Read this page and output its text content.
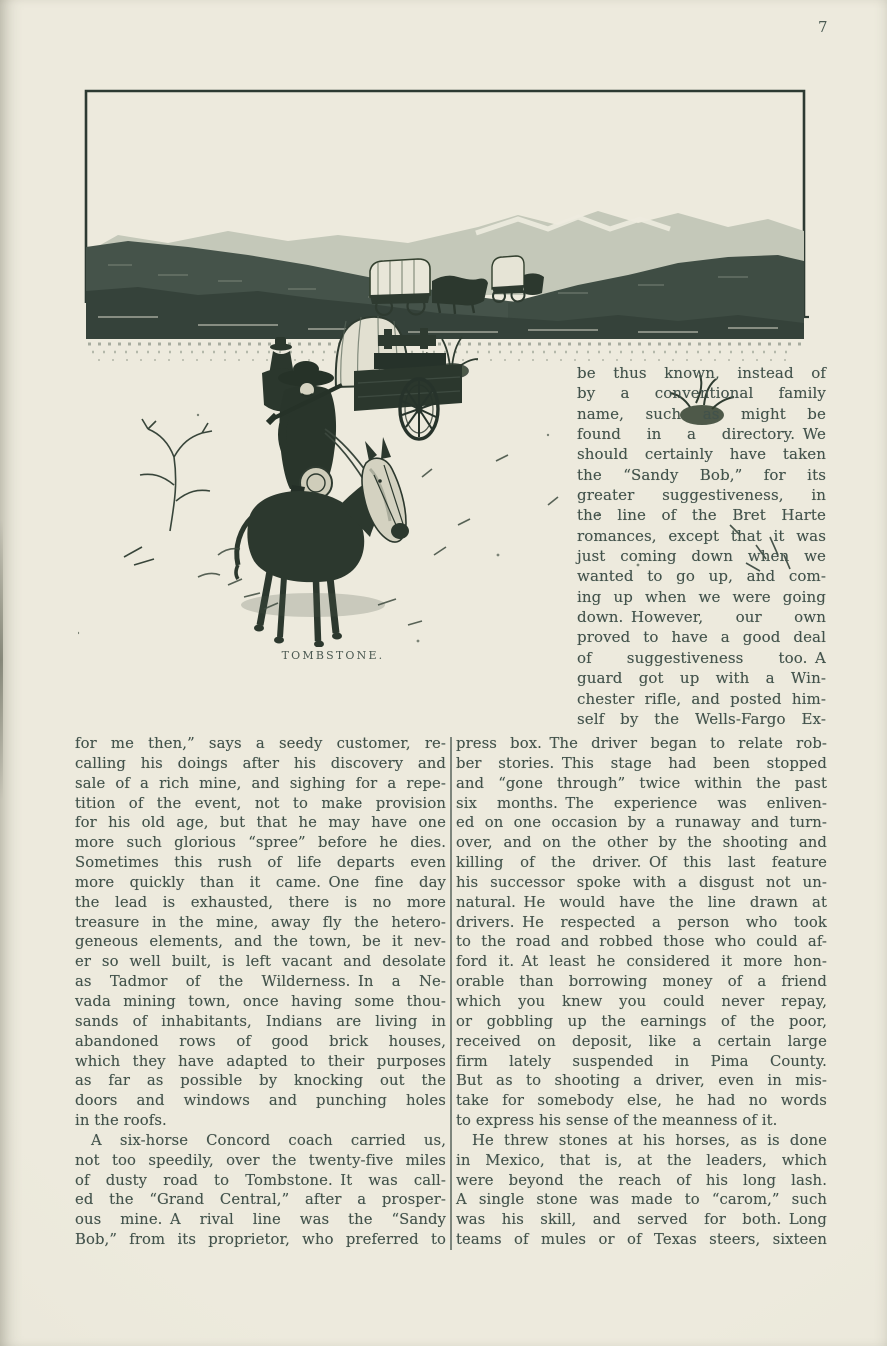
7
TOMBSTONE.
be thus known, instead of
by a conventional family
name, such as might be
found in a directory. We
should certainly have taken
the “Sandy Bob,” for its
greater suggestiveness, in
the line of the Bret Harte
romances, except that it was
just coming down when we
wanted to go up, and com-
ing up when we were going
down. However, our own
proved to have a good deal
of suggestiveness too. A
guard got up with a Win-
chester rifle, and posted him-
self by the Wells-Fargo Ex-
for me then,” says a seedy customer, re-
calling his doings after his discovery and
sale of a rich mine, and sighing for a repe-
tition of the event, not to make provision
for his old age, but that he may have one
more such glorious “spree” before he dies.
Sometimes this rush of life departs even
more quickly than it came. One fine day
the lead is exhausted, there is no more
treasure in the mine, away fly the hetero-
geneous elements, and the town, be it nev-
er so well built, is left vacant and desolate
as Tadmor of the Wilderness. In a Ne-
vada mining town, once having some thou-
sands of inhabitants, Indians are living in
abandoned rows of good brick houses,
which they have adapted to their purposes
as far as possible by knocking out the
doors and windows and punching holes
in the roofs.
A six-horse Concord coach carried us,
not too speedily, over the twenty-five miles
of dusty road to Tombstone. It was call-
ed the “Grand Central,” after a prosper-
ous mine. A rival line was the “Sandy
Bob,” from its proprietor, who preferred to
press box. The driver began to relate rob-
ber stories. This stage had been stopped
and “gone through” twice within the past
six months. The experience was enliven-
ed on one occasion by a runaway and turn-
over, and on the other by the shooting and
killing of the driver. Of this last feature
his successor spoke with a disgust not un-
natural. He would have the line drawn at
drivers. He respected a person who took
to the road and robbed those who could af-
ford it. At least he considered it more hon-
orable than borrowing money of a friend
which you knew you could never repay,
or gobbling up the earnings of the poor,
received on deposit, like a certain large
firm lately suspended in Pima County.
But as to shooting a driver, even in mis-
take for somebody else, he had no words
to express his sense of the meanness of it.
He threw stones at his horses, as is done
in Mexico, that is, at the leaders, which
were beyond the reach of his long lash.
A single stone was made to “carom,” such
was his skill, and served for both. Long
teams of mules or of Texas steers, sixteen
